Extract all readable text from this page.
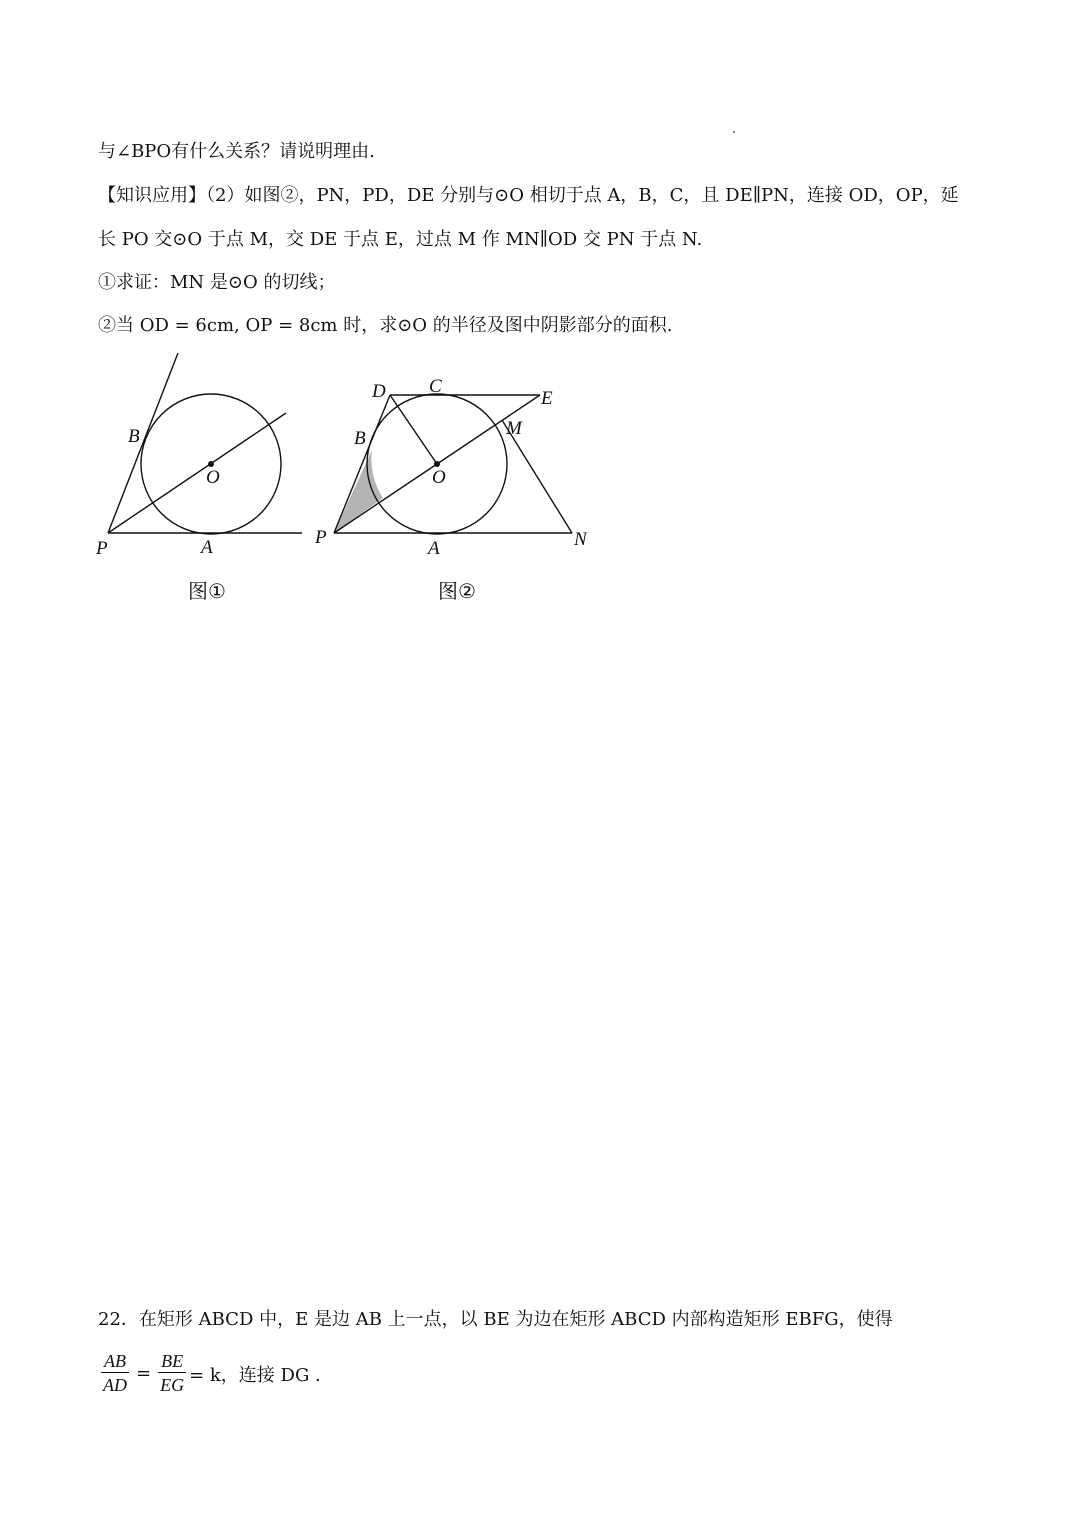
与∠BPO有什么关系？请说明理由.
【知识应用】（2）如图②，PN，PD，DE 分别与⊙O 相切于点 A，B，C，且 DE∥PN，连接 OD，OP，延
长 PO 交⊙O 于点 M，交 DE 于点 E，过点 M 作 MN∥OD 交 PN 于点 N.
①求证：MN 是⊙O 的切线；
②当 OD = 6cm, OP = 8cm 时，求⊙O 的半径及图中阴影部分的面积.
P	A
B
O
图①
D C
E
B	M
O
P
A	N
图②
22．在矩形 ABCD 中，E 是边 AB 上一点，以 BE 为边在矩形 ABCD 内部构造矩形 EBFG，使得
$\frac{AB}{AD} = \frac{BE}{EG} = k$，连接 DG .
